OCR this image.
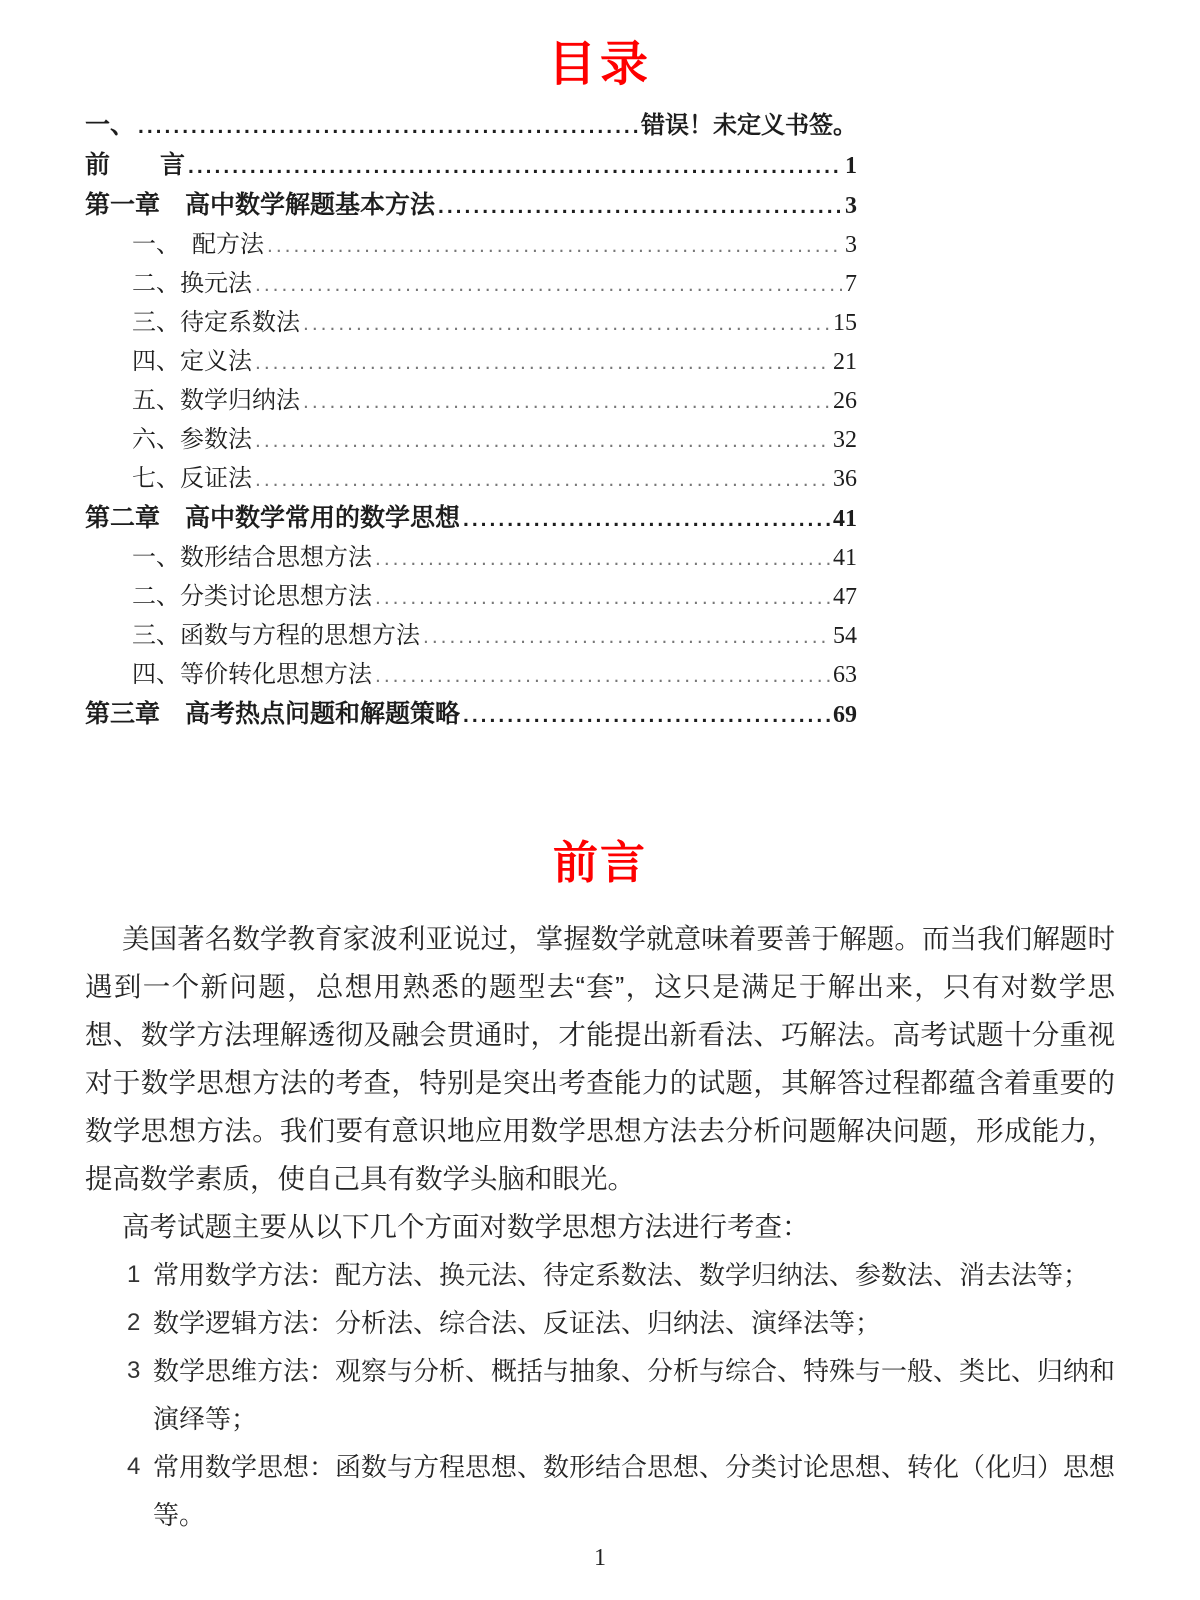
目录
一、 .....	错误！未定义书签。
前　　言 .....	1
第一章　高中数学解题基本方法 .....	3
一、　配方法 .....	3
二、换元法 .....	7
三、待定系数法 .....	15
四、定义法 .....	21
五、数学归纳法 .....	26
六、参数法 .....	32
七、反证法 .....	36
第二章　高中数学常用的数学思想 .....	41
一、数形结合思想方法 .....	41
二、分类讨论思想方法 .....	47
三、函数与方程的思想方法 .....	54
四、等价转化思想方法 .....	63
第三章　高考热点问题和解题策略 .....	69
前言

美国著名数学教育家波利亚说过，掌握数学就意味着要善于解题。而当我们解题时遇到一个新问题，总想用熟悉的题型去“套”，这只是满足于解出来，只有对数学思想、数学方法理解透彻及融会贯通时，才能提出新看法、巧解法。高考试题十分重视对于数学思想方法的考查，特别是突出考查能力的试题，其解答过程都蕴含着重要的数学思想方法。我们要有意识地应用数学思想方法去分析问题解决问题，形成能力，提高数学素质，使自己具有数学头脑和眼光。

高考试题主要从以下几个方面对数学思想方法进行考查：

1 常用数学方法：配方法、换元法、待定系数法、数学归纳法、参数法、消去法等；
2 数学逻辑方法：分析法、综合法、反证法、归纳法、演绎法等；
3 数学思维方法：观察与分析、概括与抽象、分析与综合、特殊与一般、类比、归纳和演绎等；
4 常用数学思想：函数与方程思想、数形结合思想、分类讨论思想、转化（化归）思想等。
1
